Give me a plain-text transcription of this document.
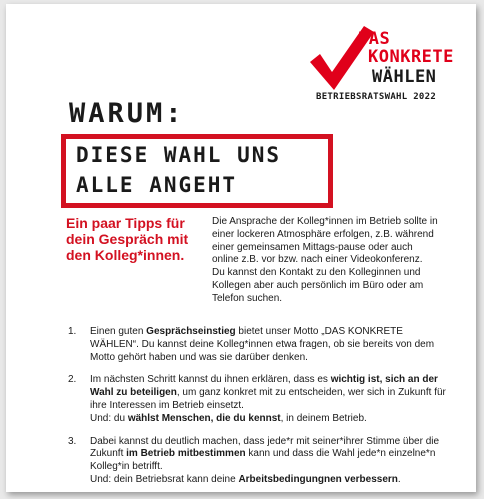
DAS
KONKRETE
WÄHLEN
BETRIEBSRATSWAHL 2022
WARUM:
DIESE WAHL UNS
ALLE ANGEHT
Ein paar Tipps für dein Gespräch mit den Kolleg*innen.
Die Ansprache der Kolleg*innen im Betrieb sollte in einer lockeren Atmosphäre erfolgen, z.B. während einer gemeinsamen Mittags-pause oder auch online z.B. vor bzw. nach einer Videokonferenz. Du kannst den Kontakt zu den Kolleginnen und Kollegen aber auch persönlich im Büro oder am Telefon suchen.
1. Einen guten Gesprächseinstieg bietet unser Motto „DAS KONKRETE WÄHLEN“. Du kannst deine Kolleg*innen etwa fragen, ob sie bereits von dem Motto gehört haben und was sie darüber denken.
2. Im nächsten Schritt kannst du ihnen erklären, dass es wichtig ist, sich an der Wahl zu beteiligen, um ganz konkret mit zu entscheiden, wer sich in Zukunft für ihre Interessen im Betrieb einsetzt.
Und: du wählst Menschen, die du kennst, in deinem Betrieb.
3. Dabei kannst du deutlich machen, dass jede*r mit seiner*ihrer Stimme über die Zukunft im Betrieb mitbestimmen kann und dass die Wahl jede*n einzelne*n Kolleg*in betrifft.
Und: dein Betriebsrat kann deine Arbeitsbedingungnen verbessern.
